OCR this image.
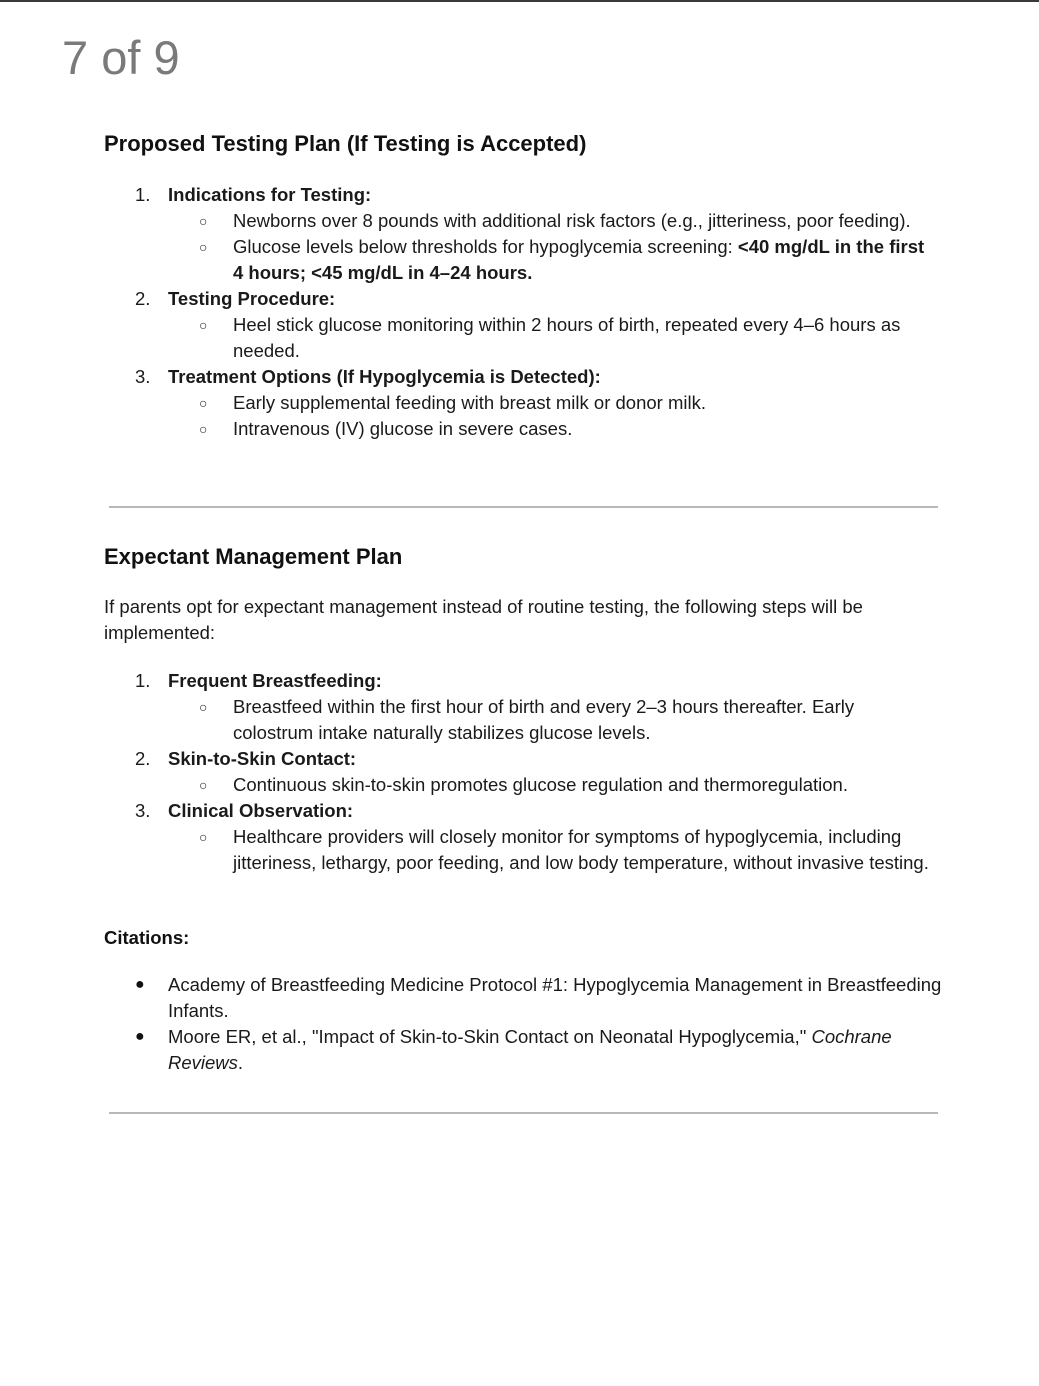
7 of 9
Proposed Testing Plan (If Testing is Accepted)
1. Indications for Testing:
○ Newborns over 8 pounds with additional risk factors (e.g., jitteriness, poor feeding).
○ Glucose levels below thresholds for hypoglycemia screening: <40 mg/dL in the first 4 hours; <45 mg/dL in 4–24 hours.
2. Testing Procedure:
○ Heel stick glucose monitoring within 2 hours of birth, repeated every 4–6 hours as needed.
3. Treatment Options (If Hypoglycemia is Detected):
○ Early supplemental feeding with breast milk or donor milk.
○ Intravenous (IV) glucose in severe cases.
Expectant Management Plan
If parents opt for expectant management instead of routine testing, the following steps will be implemented:
1. Frequent Breastfeeding:
○ Breastfeed within the first hour of birth and every 2–3 hours thereafter. Early colostrum intake naturally stabilizes glucose levels.
2. Skin-to-Skin Contact:
○ Continuous skin-to-skin promotes glucose regulation and thermoregulation.
3. Clinical Observation:
○ Healthcare providers will closely monitor for symptoms of hypoglycemia, including jitteriness, lethargy, poor feeding, and low body temperature, without invasive testing.
Citations:
● Academy of Breastfeeding Medicine Protocol #1: Hypoglycemia Management in Breastfeeding Infants.
● Moore ER, et al., "Impact of Skin-to-Skin Contact on Neonatal Hypoglycemia," Cochrane Reviews.
